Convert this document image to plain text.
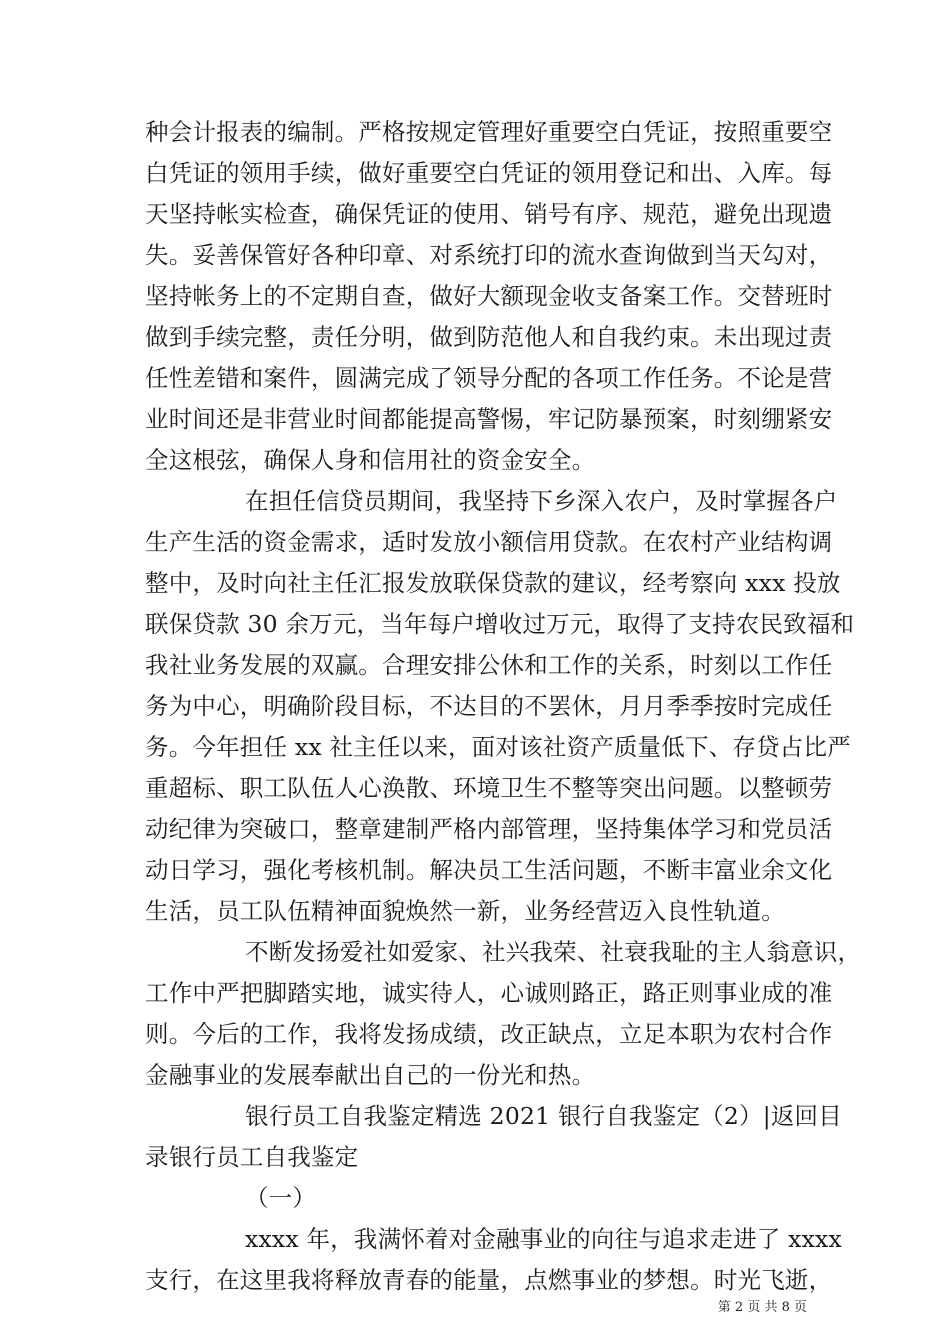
种会计报表的编制。严格按规定管理好重要空白凭证，按照重要空
白凭证的领用手续，做好重要空白凭证的领用登记和出、入库。每
天坚持帐实检查，确保凭证的使用、销号有序、规范，避免出现遗
失。妥善保管好各种印章、对系统打印的流水查询做到当天勾对，
坚持帐务上的不定期自查，做好大额现金收支备案工作。交替班时
做到手续完整，责任分明，做到防范他人和自我约束。未出现过责
任性差错和案件，圆满完成了领导分配的各项工作任务。不论是营
业时间还是非营业时间都能提高警惕，牢记防暴预案，时刻绷紧安
全这根弦，确保人身和信用社的资金安全。
在担任信贷员期间，我坚持下乡深入农户，及时掌握各户
生产生活的资金需求，适时发放小额信用贷款。在农村产业结构调
整中，及时向社主任汇报发放联保贷款的建议，经考察向 xxx 投放
联保贷款 30 余万元，当年每户增收过万元，取得了支持农民致福和
我社业务发展的双赢。合理安排公休和工作的关系，时刻以工作任
务为中心，明确阶段目标，不达目的不罢休，月月季季按时完成任
务。今年担任 xx 社主任以来，面对该社资产质量低下、存贷占比严
重超标、职工队伍人心涣散、环境卫生不整等突出问题。以整顿劳
动纪律为突破口，整章建制严格内部管理，坚持集体学习和党员活
动日学习，强化考核机制。解决员工生活问题，不断丰富业余文化
生活，员工队伍精神面貌焕然一新，业务经营迈入良性轨道。
不断发扬爱社如爱家、社兴我荣、社衰我耻的主人翁意识，
工作中严把脚踏实地，诚实待人，心诚则路正，路正则事业成的准
则。今后的工作，我将发扬成绩，改正缺点，立足本职为农村合作
金融事业的发展奉献出自己的一份光和热。
银行员工自我鉴定精选 2021 银行自我鉴定（2）|返回目
录银行员工自我鉴定
（一）
xxxx 年，我满怀着对金融事业的向往与追求走进了 xxxx
支行，在这里我将释放青春的能量，点燃事业的梦想。时光飞逝，
第 2 页 共 8 页
